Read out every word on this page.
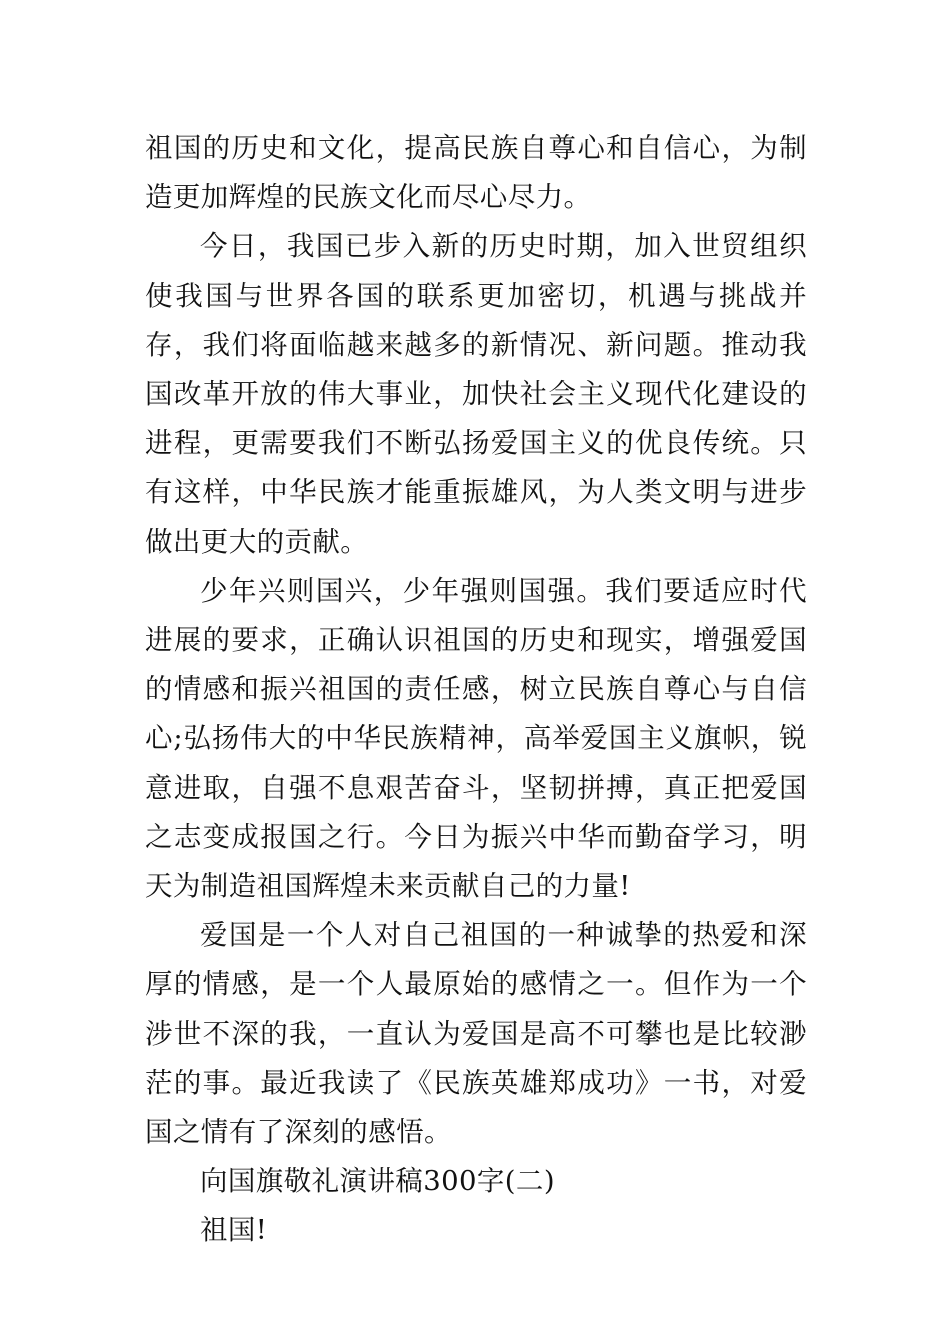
祖国的历史和文化，提高民族自尊心和自信心，为制造更加辉煌的民族文化而尽心尽力。

今日，我国已步入新的历史时期，加入世贸组织使我国与世界各国的联系更加密切，机遇与挑战并存，我们将面临越来越多的新情况、新问题。推动我国改革开放的伟大事业，加快社会主义现代化建设的进程，更需要我们不断弘扬爱国主义的优良传统。只有这样，中华民族才能重振雄风，为人类文明与进步做出更大的贡献。

少年兴则国兴，少年强则国强。我们要适应时代进展的要求，正确认识祖国的历史和现实，增强爱国的情感和振兴祖国的责任感，树立民族自尊心与自信心;弘扬伟大的中华民族精神，高举爱国主义旗帜，锐意进取，自强不息艰苦奋斗，坚韧拼搏，真正把爱国之志变成报国之行。今日为振兴中华而勤奋学习，明天为制造祖国辉煌未来贡献自己的力量!

爱国是一个人对自己祖国的一种诚挚的热爱和深厚的情感，是一个人最原始的感情之一。但作为一个涉世不深的我，一直认为爱国是高不可攀也是比较渺茫的事。最近我读了《民族英雄郑成功》一书，对爱国之情有了深刻的感悟。

向国旗敬礼演讲稿300字(二)

祖国!
